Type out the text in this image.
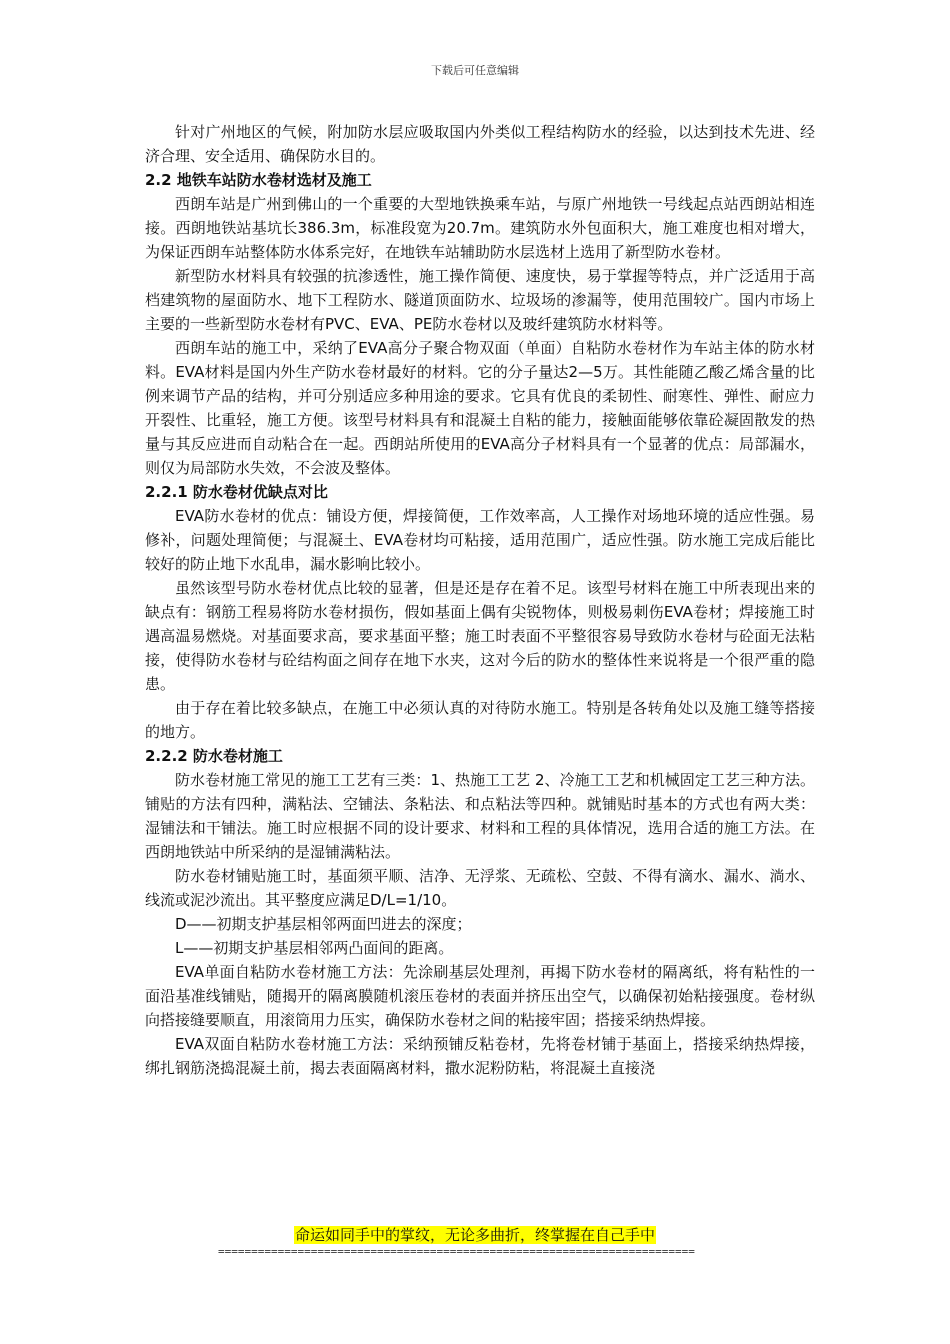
下载后可任意编辑

针对广州地区的气候，附加防水层应吸取国内外类似工程结构防水的经验，以达到技术先进、经济合理、安全适用、确保防水目的。

2.2 地铁车站防水卷材选材及施工

西朗车站是广州到佛山的一个重要的大型地铁换乘车站，与原广州地铁一号线起点站西朗站相连接。西朗地铁站基坑长386.3m，标准段宽为20.7m。建筑防水外包面积大，施工难度也相对增大，为保证西朗车站整体防水体系完好，在地铁车站辅助防水层选材上选用了新型防水卷材。

新型防水材料具有较强的抗渗透性，施工操作简便、速度快，易于掌握等特点，并广泛适用于高档建筑物的屋面防水、地下工程防水、隧道顶面防水、垃圾场的渗漏等，使用范围较广。国内市场上主要的一些新型防水卷材有PVC、EVA、PE防水卷材以及玻纤建筑防水材料等。

西朗车站的施工中，采纳了EVA高分子聚合物双面（单面）自粘防水卷材作为车站主体的防水材料。EVA材料是国内外生产防水卷材最好的材料。它的分子量达2—5万。其性能随乙酸乙烯含量的比例来调节产品的结构，并可分别适应多种用途的要求。它具有优良的柔韧性、耐寒性、弹性、耐应力开裂性、比重轻，施工方便。该型号材料具有和混凝土自粘的能力，接触面能够依靠砼凝固散发的热量与其反应进而自动粘合在一起。西朗站所使用的EVA高分子材料具有一个显著的优点：局部漏水，则仅为局部防水失效，不会波及整体。

2.2.1 防水卷材优缺点对比

EVA防水卷材的优点：铺设方便，焊接简便，工作效率高，人工操作对场地环境的适应性强。易修补，问题处理简便；与混凝土、EVA卷材均可粘接，适用范围广，适应性强。防水施工完成后能比较好的防止地下水乱串，漏水影响比较小。

虽然该型号防水卷材优点比较的显著，但是还是存在着不足。该型号材料在施工中所表现出来的缺点有：钢筋工程易将防水卷材损伤，假如基面上偶有尖锐物体，则极易刺伤EVA卷材；焊接施工时遇高温易燃烧。对基面要求高，要求基面平整；施工时表面不平整很容易导致防水卷材与砼面无法粘接，使得防水卷材与砼结构面之间存在地下水夹，这对今后的防水的整体性来说将是一个很严重的隐患。

由于存在着比较多缺点，在施工中必须认真的对待防水施工。特别是各转角处以及施工缝等搭接的地方。

2.2.2 防水卷材施工

防水卷材施工常见的施工工艺有三类：1、热施工工艺 2、冷施工工艺和机械固定工艺三种方法。铺贴的方法有四种，满粘法、空铺法、条粘法、和点粘法等四种。就铺贴时基本的方式也有两大类：湿铺法和干铺法。施工时应根据不同的设计要求、材料和工程的具体情况，选用合适的施工方法。在西朗地铁站中所采纳的是湿铺满粘法。

防水卷材铺贴施工时，基面须平顺、洁净、无浮浆、无疏松、空鼓、不得有滴水、漏水、淌水、线流或泥沙流出。其平整度应满足D/L=1/10。

D——初期支护基层相邻两面凹进去的深度；

L——初期支护基层相邻两凸面间的距离。

EVA单面自粘防水卷材施工方法：先涂刷基层处理剂，再揭下防水卷材的隔离纸，将有粘性的一面沿基准线铺贴，随揭开的隔离膜随机滚压卷材的表面并挤压出空气，以确保初始粘接强度。卷材纵向搭接缝要顺直，用滚筒用力压实，确保防水卷材之间的粘接牢固；搭接采纳热焊接。

EVA双面自粘防水卷材施工方法：采纳预铺反粘卷材，先将卷材铺于基面上，搭接采纳热焊接，绑扎钢筋浇捣混凝土前，揭去表面隔离材料，撒水泥粉防粘，将混凝土直接浇

命运如同手中的掌纹，无论多曲折，终掌握在自己手中
========================================================================
